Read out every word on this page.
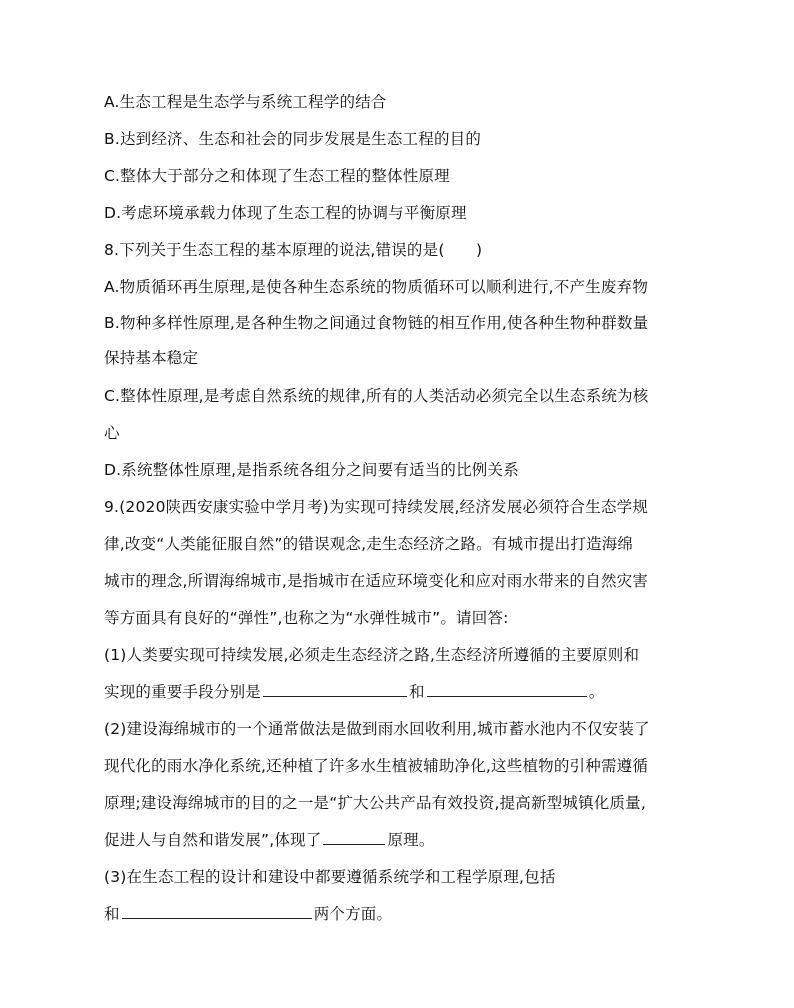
A.生态工程是生态学与系统工程学的结合
B.达到经济、生态和社会的同步发展是生态工程的目的
C.整体大于部分之和体现了生态工程的整体性原理
D.考虑环境承载力体现了生态工程的协调与平衡原理
8.下列关于生态工程的基本原理的说法,错误的是(　　)
A.物质循环再生原理,是使各种生态系统的物质循环可以顺利进行,不产生废弃物
B.物种多样性原理,是各种生物之间通过食物链的相互作用,使各种生物种群数量
保持基本稳定
C.整体性原理,是考虑自然系统的规律,所有的人类活动必须完全以生态系统为核
心
D.系统整体性原理,是指系统各组分之间要有适当的比例关系
9.(2020陕西安康实验中学月考)为实现可持续发展,经济发展必须符合生态学规
律,改变“人类能征服自然”的错误观念,走生态经济之路。有城市提出打造海绵
城市的理念,所谓海绵城市,是指城市在适应环境变化和应对雨水带来的自然灾害
等方面具有良好的“弹性”,也称之为“水弹性城市”。请回答:
(1)人类要实现可持续发展,必须走生态经济之路,生态经济所遵循的主要原则和
实现的重要手段分别是	和	。
(2)建设海绵城市的一个通常做法是做到雨水回收利用,城市蓄水池内不仅安装了
现代化的雨水净化系统,还种植了许多水生植被辅助净化,这些植物的引种需遵循
原理;建设海绵城市的目的之一是“扩大公共产品有效投资,提高新型城镇化质量,
促进人与自然和谐发展”,体现了	原理。
(3)在生态工程的设计和建设中都要遵循系统学和工程学原理,包括
和	两个方面。
